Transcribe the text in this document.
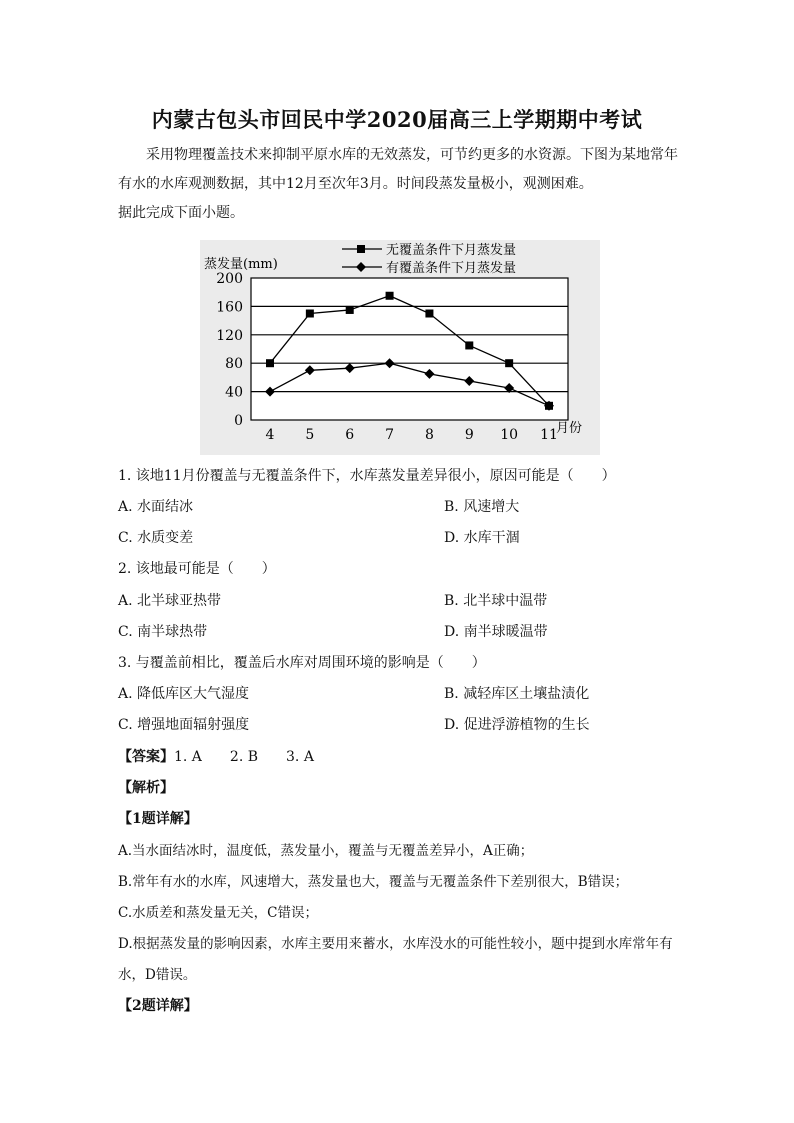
内蒙古包头市回民中学2020届高三上学期期中考试

采用物理覆盖技术来抑制平原水库的无效蒸发，可节约更多的水资源。下图为某地常年有水的水库观测数据，其中12月至次年3月。时间段蒸发量极小，观测困难。

据此完成下面小题。

蒸发量(mm)
月份
无覆盖条件下月蒸发量
有覆盖条件下月蒸发量
0
40
80
120
160
200
4 5 6 7 8 9 10 11
1. 该地11月份覆盖与无覆盖条件下，水库蒸发量差异很小，原因可能是（　　）
A. 水面结冰	B. 风速增大
C. 水质变差	D. 水库干涸
2. 该地最可能是（　　）
A. 北半球亚热带	B. 北半球中温带
C. 南半球热带	D. 南半球暖温带
3. 与覆盖前相比，覆盖后水库对周围环境的影响是（　　）
A. 降低库区大气湿度	B. 减轻库区土壤盐渍化
C. 增强地面辐射强度	D. 促进浮游植物的生长
【答案】1. A　　2. B　　3. A
【解析】
【1题详解】
A.当水面结冰时，温度低，蒸发量小，覆盖与无覆盖差异小，A正确；
B.常年有水的水库，风速增大，蒸发量也大，覆盖与无覆盖条件下差别很大，B错误；
C.水质差和蒸发量无关，C错误；
D.根据蒸发量的影响因素，水库主要用来蓄水，水库没水的可能性较小，题中提到水库常年有水，D错误。
【2题详解】
